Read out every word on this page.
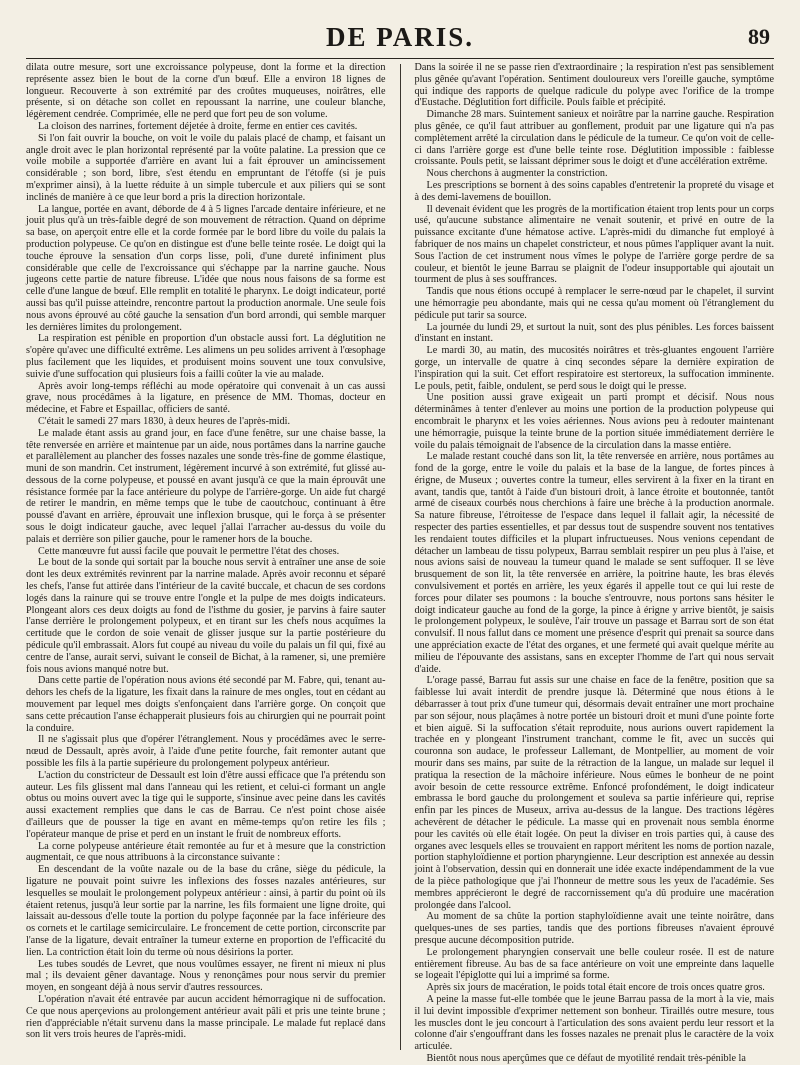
DE PARIS.	89

dilata outre mesure, sort une excroissance polypeuse, dont la forme et la direction représente assez bien le bout de la corne d'un bœuf. Elle a environ 18 lignes de longueur. Recouverte à son extrémité par des croûtes muqueuses, noirâtres, elle présente, si on détache son collet en repoussant la narrine, une couleur blanche, légèrement cendrée. Comprimée, elle ne perd que fort peu de son volume.

La cloison des narrines, fortement déjetée à droite, ferme en entier ces cavités.

Si l'on fait ouvrir la bouche, on voit le voile du palais placé de champ, et faisant un angle droit avec le plan horizontal représenté par la voûte palatine. La pression que ce voile mobile a supportée d'arrière en avant lui a fait éprouver un amincissement considérable ; son bord, libre, s'est étendu en empruntant de l'étoffe (si je puis m'exprimer ainsi), à la luette réduite à un simple tubercule et aux piliers qui se sont inclinés de manière à ce que leur bord a pris la direction horizontale.

La langue, portée en avant, déborde de 4 à 5 lignes l'arcade dentaire inférieure, et ne jouit plus qu'à un très-faible degré de son mouvement de rétraction. Quand on déprime sa base, on aperçoit entre elle et la corde formée par le bord libre du voile du palais la production polypeuse. Ce qu'on en distingue est d'une belle teinte rosée. Le doigt qui la touche éprouve la sensation d'un corps lisse, poli, d'une dureté infiniment plus considérable que celle de l'excroissance qui s'échappe par la narrine gauche. Nous jugeons cette partie de nature fibreuse. L'idée que nous nous faisons de sa forme est celle d'une langue de bœuf. Elle remplit en totalité le pharynx. Le doigt indicateur, porté aussi bas qu'il puisse atteindre, rencontre partout la production anormale. Une seule fois nous avons éprouvé au côté gauche la sensation d'un bord arrondi, qui semble marquer les dernières limites du prolongement.

La respiration est pénible en proportion d'un obstacle aussi fort. La déglutition ne s'opère qu'avec une difficulté extrême. Les alimens un peu solides arrivent à l'œsophage plus facilement que les liquides, et produisent moins souvent une toux convulsive, suivie d'une suffocation qui plusieurs fois a failli coûter la vie au malade.

Après avoir long-temps réfléchi au mode opératoire qui convenait à un cas aussi grave, nous procédâmes à la ligature, en présence de MM. Thomas, docteur en médecine, et Fabre et Espaillac, officiers de santé.

C'était le samedi 27 mars 1830, à deux heures de l'après-midi.

Le malade étant assis au grand jour, en face d'une fenêtre, sur une chaise basse, la tête renversée en arrière et maintenue par un aide, nous portâmes dans la narrine gauche et parallèlement au plancher des fosses nazales une sonde très-fine de gomme élastique, muni de son mandrin. Cet instrument, légèrement incurvé à son extrémité, fut glissé au-dessous de la corne polypeuse, et poussé en avant jusqu'à ce que la main éprouvât une résistance formée par la face antérieure du polype de l'arrière-gorge. Un aide fut chargé de retirer le mandrin, en même temps que le tube de caoutchouc, continuant à être poussé d'avant en arrière, éprouvait une inflexion brusque, qui le força à se présenter sous le doigt indicateur gauche, avec lequel j'allai l'arracher au-dessus du voile du palais et derrière son pilier gauche, pour le ramener hors de la bouche.

Cette manœuvre fut aussi facile que pouvait le permettre l'état des choses.

Le bout de la sonde qui sortait par la bouche nous servit à entraîner une anse de soie dont les deux extrémités revinrent par la narrine malade. Après avoir reconnu et séparé les chefs, l'anse fut attirée dans l'intérieur de la cavité buccale, et chacun de ses cordons logés dans la rainure qui se trouve entre l'ongle et la pulpe de mes doigts indicateurs. Plongeant alors ces deux doigts au fond de l'isthme du gosier, je parvins à faire sauter l'anse derrière le prolongement polypeux, et en tirant sur les chefs nous acquîmes la certitude que le cordon de soie venait de glisser jusque sur la partie postérieure du pédicule qu'il embrassait. Alors fut coupé au niveau du voile du palais un fil qui, fixé au centre de l'anse, aurait servi, suivant le conseil de Bichat, à la ramener, si, une première fois nous avions manqué notre but.

Dans cette partie de l'opération nous avions été secondé par M. Fabre, qui, tenant au-dehors les chefs de la ligature, les fixait dans la rainure de mes ongles, tout en cédant au mouvement par lequel mes doigts s'enfonçaient dans l'arrière gorge. On conçoit que sans cette précaution l'anse échapperait plusieurs fois au chirurgien qui ne pourrait point la conduire.

Il ne s'agissait plus que d'opérer l'étranglement. Nous y procédâmes avec le serre-nœud de Dessault, après avoir, à l'aide d'une petite fourche, fait remonter autant que possible les fils à la partie supérieure du prolongement polypeux antérieur.

L'action du constricteur de Dessault est loin d'être aussi efficace que l'a prétendu son auteur. Les fils glissent mal dans l'anneau qui les retient, et celui-ci formant un angle obtus ou moins ouvert avec la tige qui le supporte, s'insinue avec peine dans les cavités aussi exactement remplies que dans le cas de Barrau. Ce n'est point chose aisée d'ailleurs que de pousser la tige en avant en même-temps qu'on retire les fils ; l'opérateur manque de prise et perd en un instant le fruit de nombreux efforts.

La corne polypeuse antérieure était remontée au fur et à mesure que la constriction augmentait, ce que nous attribuons à la circonstance suivante :

En descendant de la voûte nazale ou de la base du crâne, siège du pédicule, la ligature ne pouvait point suivre les inflexions des fosses nazales antérieures, sur lesquelles se moulait le prolongement polypeux antérieur : ainsi, à partir du point où ils étaient retenus, jusqu'à leur sortie par la narrine, les fils formaient une ligne droite, qui laissait au-dessous d'elle toute la portion du polype façonnée par la face inférieure des os cornets et le cartilage semicirculaire. Le froncement de cette portion, circonscrite par l'anse de la ligature, devait entraîner la tumeur externe en proportion de l'efficacité du lien. La contriction était loin du terme où nous désirions la porter.

Les tubes soudés de Levret, que nous voulûmes essayer, ne firent ni mieux ni plus mal ; ils devaient gêner davantage. Nous y renonçâmes pour nous servir du premier moyen, en songeant déjà à nous servir d'autres ressources.

L'opération n'avait été entravée par aucun accident hémorragique ni de suffocation. Ce que nous aperçevions au prolongement antérieur avait pâli et pris une teinte brune ; rien d'appréciable n'était survenu dans la masse principale. Le malade fut replacé dans son lit vers trois heures de l'après-midi.

Dans la soirée il ne se passe rien d'extraordinaire ; la respiration n'est pas sensiblement plus gênée qu'avant l'opération. Sentiment douloureux vers l'oreille gauche, symptôme qui indique des rapports de quelque radicule du polype avec l'orifice de la trompe d'Eustache. Déglutition fort difficile. Pouls faible et précipité.

Dimanche 28 mars. Suintement sanieux et noirâtre par la narrine gauche. Respiration plus gênée, ce qu'il faut attribuer au gonflement, produit par une ligature qui n'a pas complètement arrêté la circulation dans le pédicule de la tumeur. Ce qu'on voit de celle-ci dans l'arrière gorge est d'une belle teinte rose. Déglutition impossible : faiblesse croissante. Pouls petit, se laissant déprimer sous le doigt et d'une accélération extrême.

Nous cherchons à augmenter la constriction.

Les prescriptions se bornent à des soins capables d'entretenir la propreté du visage et à des demi-lavemens de bouillon.

Il devenait évident que les progrès de la mortification étaient trop lents pour un corps usé, qu'aucune substance alimentaire ne venait soutenir, et privé en outre de la puissance excitante d'une hématose active. L'après-midi du dimanche fut employé à fabriquer de nos mains un chapelet constricteur, et nous pûmes l'appliquer avant la nuit. Sous l'action de cet instrument nous vîmes le polype de l'arrière gorge perdre de sa couleur, et bientôt le jeune Barrau se plaignit de l'odeur insupportable qui ajoutait un tourment de plus à ses souffrances.

Tandis que nous étions occupé à remplacer le serre-nœud par le chapelet, il survint une hémorragie peu abondante, mais qui ne cessa qu'au moment où l'étranglement du pédicule put tarir sa source.

La journée du lundi 29, et surtout la nuit, sont des plus pénibles. Les forces baissent d'instant en instant.

Le mardi 30, au matin, des mucosités noirâtres et très-gluantes engouent l'arrière gorge, un intervalle de quatre à cinq secondes sépare la dernière expiration de l'inspiration qui la suit. Cet effort respiratoire est stertoreux, la suffocation imminente. Le pouls, petit, faible, ondulent, se perd sous le doigt qui le presse.

Une position aussi grave exigeait un parti prompt et décisif. Nous nous déterminâmes à tenter d'enlever au moins une portion de la production polypeuse qui encombrait le pharynx et les voies aériennes. Nous avions peu à redouter maintenant une hémorragie, puisque la teinte brune de la portion située immédiatement derrière le voile du palais témoignait de l'absence de la circulation dans la masse entière.

Le malade restant couché dans son lit, la tête renversée en arrière, nous portâmes au fond de la gorge, entre le voile du palais et la base de la langue, de fortes pinces à érigne, de Museux ; ouvertes contre la tumeur, elles servirent à la fixer en la tirant en avant, tandis que, tantôt à l'aide d'un bistouri droit, à lance étroite et boutonnée, tantôt armé de ciseaux courbés nous cherchions à faire une brèche à la production anormale. Sa nature fibreuse, l'étroitesse de l'espace dans lequel il fallait agir, la nécessité de respecter des parties essentielles, et par dessus tout de suspendre souvent nos tentatives les rendaient toutes difficiles et la plupart infructueuses. Nous venions cependant de détacher un lambeau de tissu polypeux, Barrau semblait respirer un peu plus à l'aise, et nous avions saisi de nouveau la tumeur quand le malade se sent suffoquer. Il se lève brusquement de son lit, la tête renversée en arrière, la poitrine haute, les bras élevés convulsivement et portés en arrière, les yeux égarés il appelle tout ce qui lui reste de forces pour dilater ses poumons : la bouche s'entrouvre, nous portons sans hésiter le doigt indicateur gauche au fond de la gorge, la pince à érigne y arrive bientôt, je saisis le prolongement polypeux, le soulève, l'air trouve un passage et Barrau sort de son état convulsif. Il nous fallut dans ce moment une présence d'esprit qui prenait sa source dans une appréciation exacte de l'état des organes, et une fermeté qui avait quelque mérite au milieu de l'épouvante des assistans, sans en excepter l'homme de l'art qui nous servait d'aide.

L'orage passé, Barrau fut assis sur une chaise en face de la fenêtre, position que sa faiblesse lui avait interdit de prendre jusque là. Déterminé que nous étions à le débarrasser à tout prix d'une tumeur qui, désormais devait entraîner une mort prochaine par son séjour, nous plaçâmes à notre portée un bistouri droit et muni d'une pointe forte et bien aiguë. Si la suffocation s'était reproduite, nous aurions ouvert rapidement la trachée en y plongeant l'instrument tranchant, comme le fit, avec un succès qui couronna son audace, le professeur Lallemant, de Montpellier, au moment de voir mourir dans ses mains, par suite de la rétraction de la langue, un malade sur lequel il pratiqua la resection de la mâchoire inférieure. Nous eûmes le bonheur de ne point avoir besoin de cette ressource extrême. Enfoncé profondément, le doigt indicateur embrassa le bord gauche du prolongement et souleva sa partie inférieure qui, reprise enfin par les pinces de Museux, arriva au-dessus de la langue. Des tractions légères achevèrent de détacher le pédicule. La masse qui en provenait nous sembla énorme pour les cavités où elle était logée. On peut la diviser en trois parties qui, à cause des organes avec lesquels elles se trouvaient en rapport méritent les noms de portion nazale, portion staphyloïdienne et portion pharyngienne. Leur description est annexée au dessin joint à l'observation, dessin qui en donnerait une idée exacte indépendamment de la vue de la pièce pathologique que j'ai l'honneur de mettre sous les yeux de l'académie. Ses membres apprécieront le degré de raccornissement qu'a dû produire une macération prolongée dans l'alcool.

Au moment de sa chûte la portion staphyloïdienne avait une teinte noirâtre, dans quelques-unes de ses parties, tandis que des portions fibreuses n'avaient éprouvé presque aucune décomposition putride.

Le prolongement pharyngien conservait une belle couleur rosée. Il est de nature entièrement fibreuse. Au bas de sa face antérieure on voit une empreinte dans laquelle se logeait l'épiglotte qui lui a imprimé sa forme.

Après six jours de macération, le poids total était encore de trois onces quatre gros.

A peine la masse fut-elle tombée que le jeune Barrau passa de la mort à la vie, mais il lui devint impossible d'exprimer nettement son bonheur. Tiraillés outre mesure, tous les muscles dont le jeu concourt à l'articulation des sons avaient perdu leur ressort et la colonne d'air s'engouffrant dans les fosses nazales ne prenait plus le caractère de la voix articulée.

Bientôt nous nous aperçûmes que ce défaut de myotilité rendait très-pénible la
